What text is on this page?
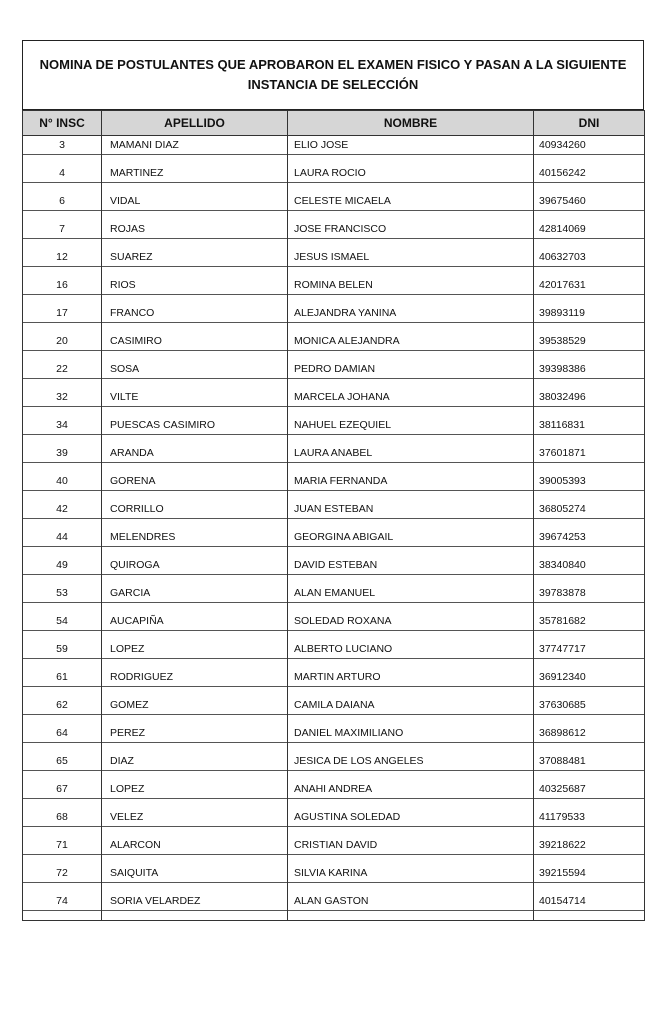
NOMINA DE POSTULANTES QUE APROBARON EL EXAMEN FISICO Y PASAN A LA SIGUIENTE INSTANCIA DE SELECCIÓN
N° INSC	APELLIDO	NOMBRE	DNI

3	MAMANI DIAZ	ELIO JOSE	40934260

4	MARTINEZ	LAURA ROCIO	40156242

6	VIDAL	CELESTE MICAELA	39675460

7	ROJAS	JOSE FRANCISCO	42814069

12	SUAREZ	JESUS ISMAEL	40632703

16	RIOS	ROMINA BELEN	42017631

17	FRANCO	ALEJANDRA YANINA	39893119

20	CASIMIRO	MONICA ALEJANDRA	39538529

22	SOSA	PEDRO DAMIAN	39398386

32	VILTE	MARCELA JOHANA	38032496

34	PUESCAS CASIMIRO	NAHUEL EZEQUIEL	38116831

39	ARANDA	LAURA ANABEL	37601871

40	GORENA	MARIA FERNANDA	39005393

42	CORRILLO	JUAN ESTEBAN	36805274

44	MELENDRES	GEORGINA ABIGAIL	39674253

49	QUIROGA	DAVID ESTEBAN	38340840

53	GARCIA	ALAN EMANUEL	39783878

54	AUCAPIÑA	SOLEDAD ROXANA	35781682

59	LOPEZ	ALBERTO LUCIANO	37747717

61	RODRIGUEZ	MARTIN ARTURO	36912340

62	GOMEZ	CAMILA DAIANA	37630685

64	PEREZ	DANIEL MAXIMILIANO	36898612

65	DIAZ	JESICA DE LOS ANGELES	37088481

67	LOPEZ	ANAHI ANDREA	40325687

68	VELEZ	AGUSTINA SOLEDAD	41179533

71	ALARCON	CRISTIAN DAVID	39218622

72	SAIQUITA	SILVIA KARINA	39215594

74	SORIA VELARDEZ	ALAN GASTON	40154714
